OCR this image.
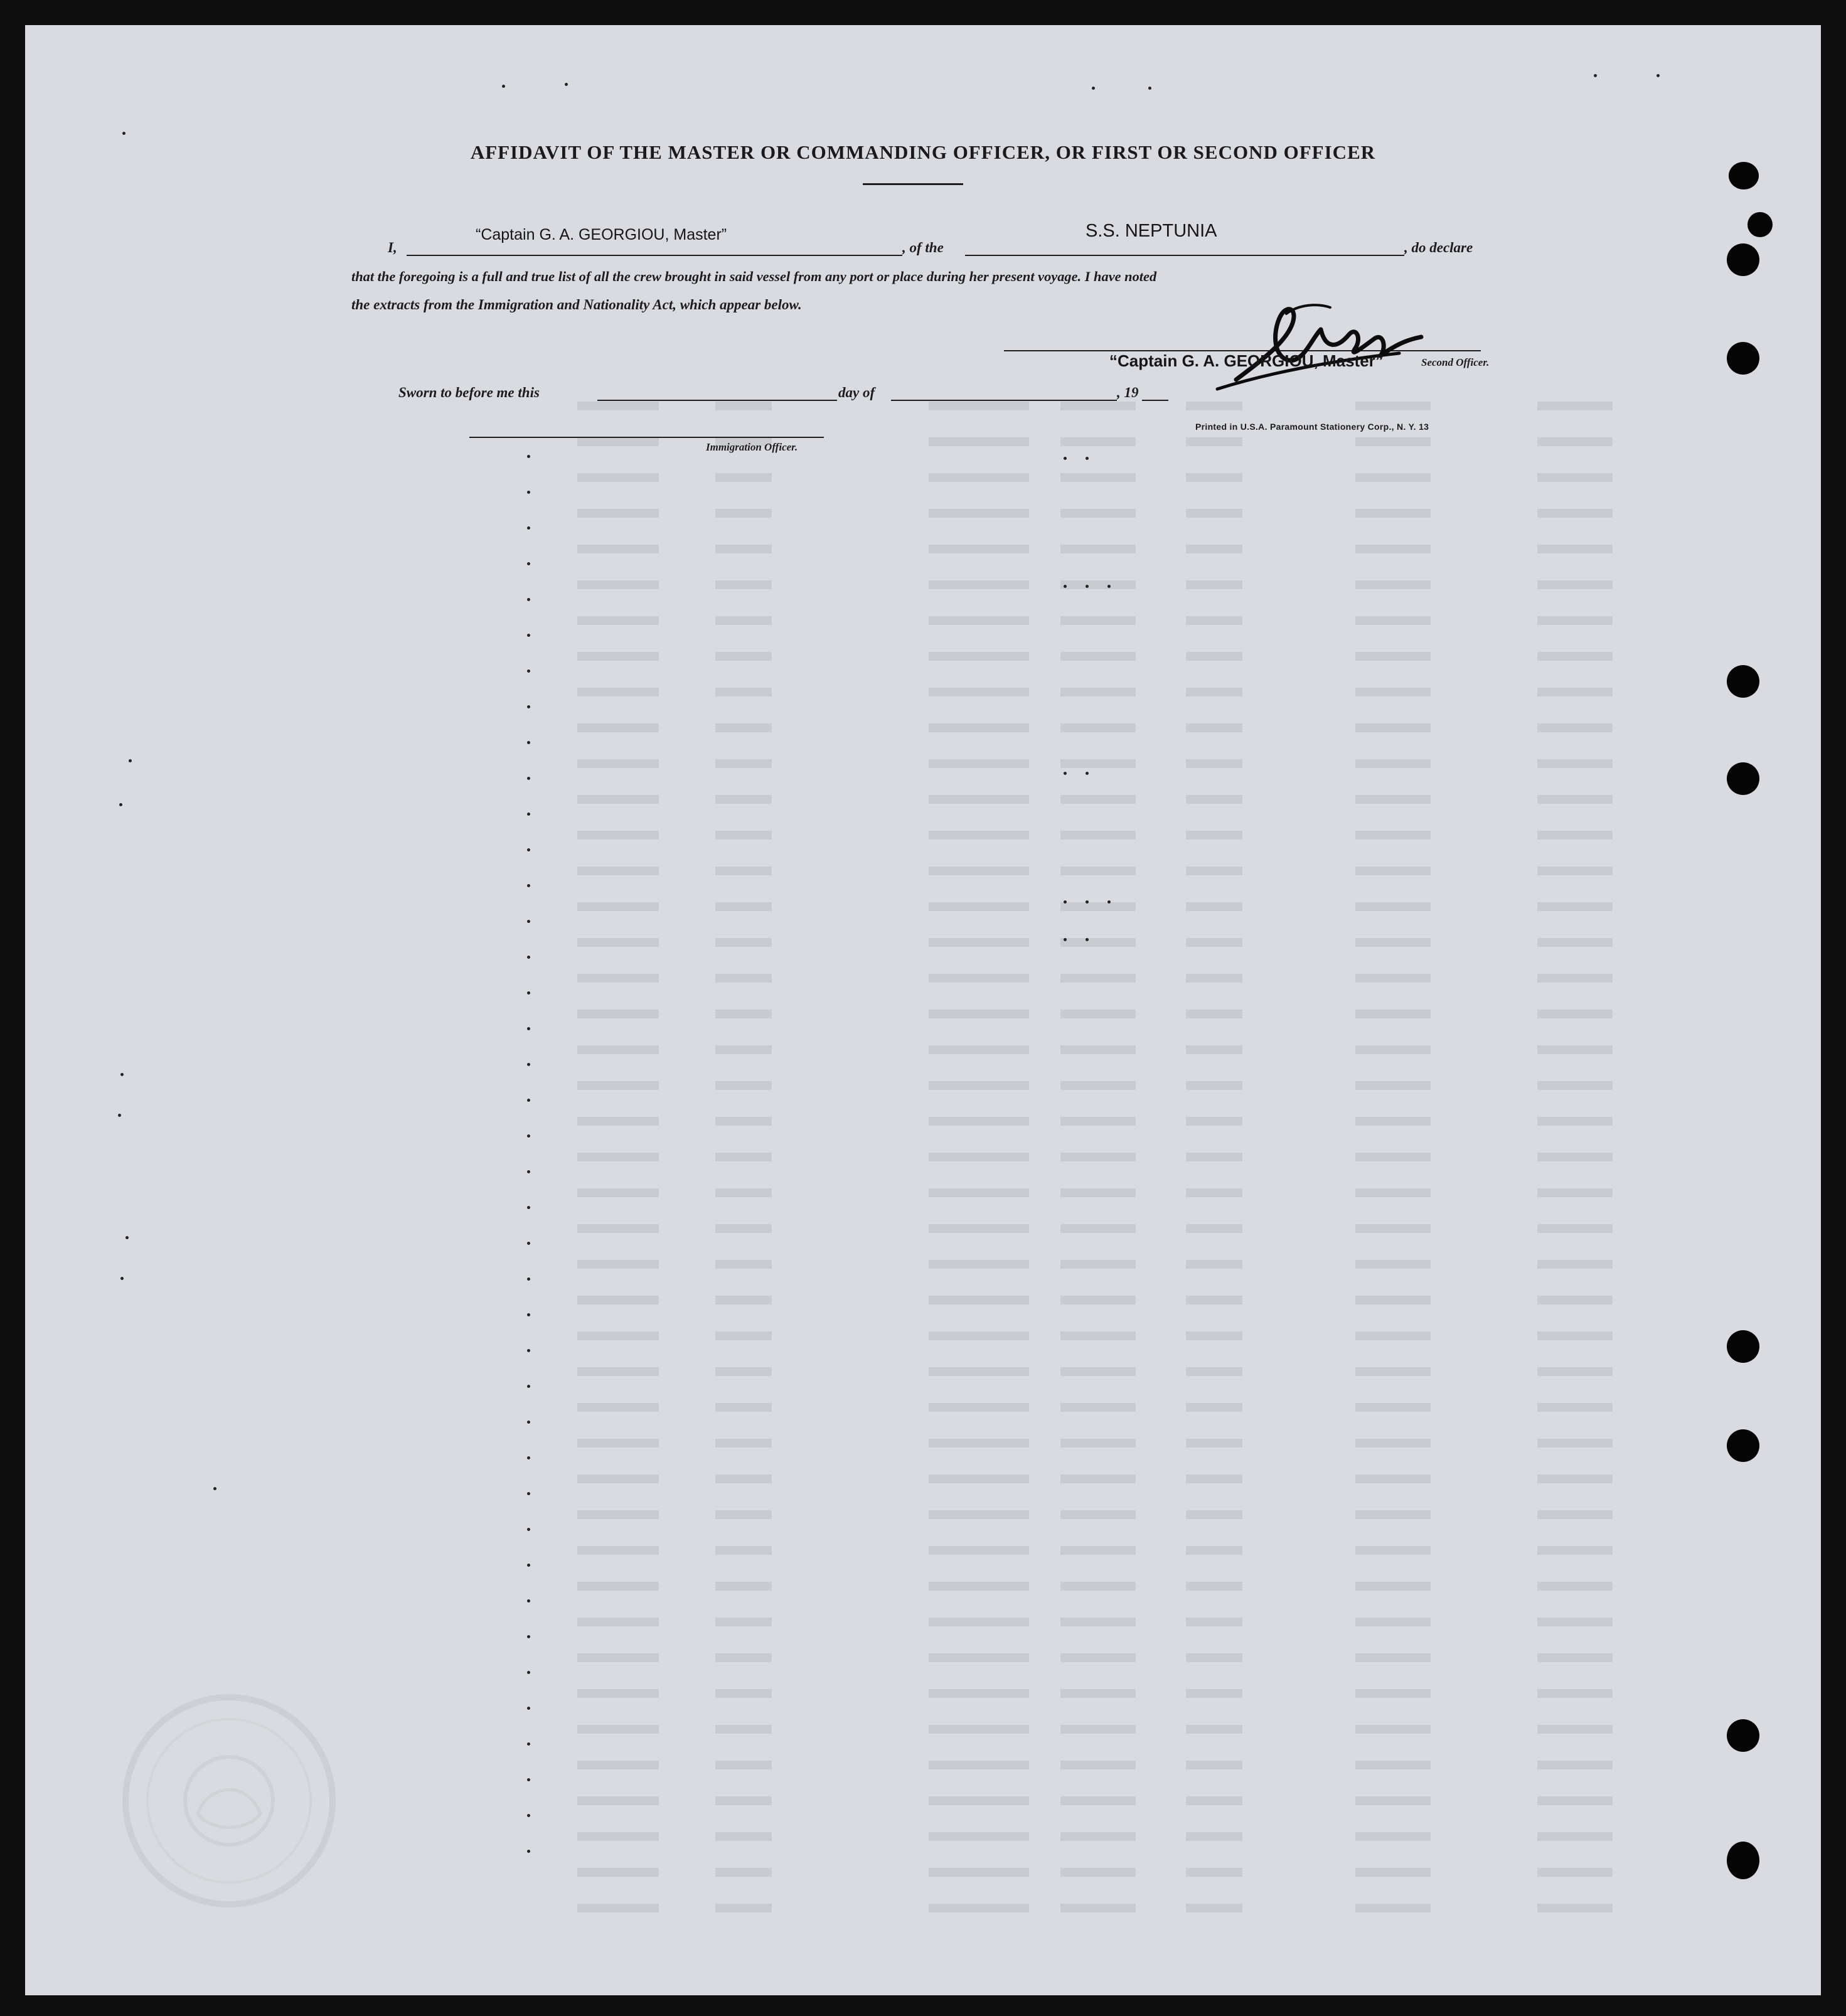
AFFIDAVIT OF THE MASTER OR COMMANDING OFFICER, OR FIRST OR SECOND OFFICER
I,
“Captain G. A. GEORGIOU, Master”
, of the
S.S. NEPTUNIA
, do declare
that the foregoing is a full and true list of all the crew brought in said vessel from any port or place during her present voyage. I have noted
the extracts from the Immigration and Nationality Act, which appear below.
“Captain G. A. GEORGIOU, Master”	Second Officer.
Sworn to before me this	day of	, 19
Immigration Officer.
Printed in U.S.A. Paramount Stationery Corp., N. Y. 13
